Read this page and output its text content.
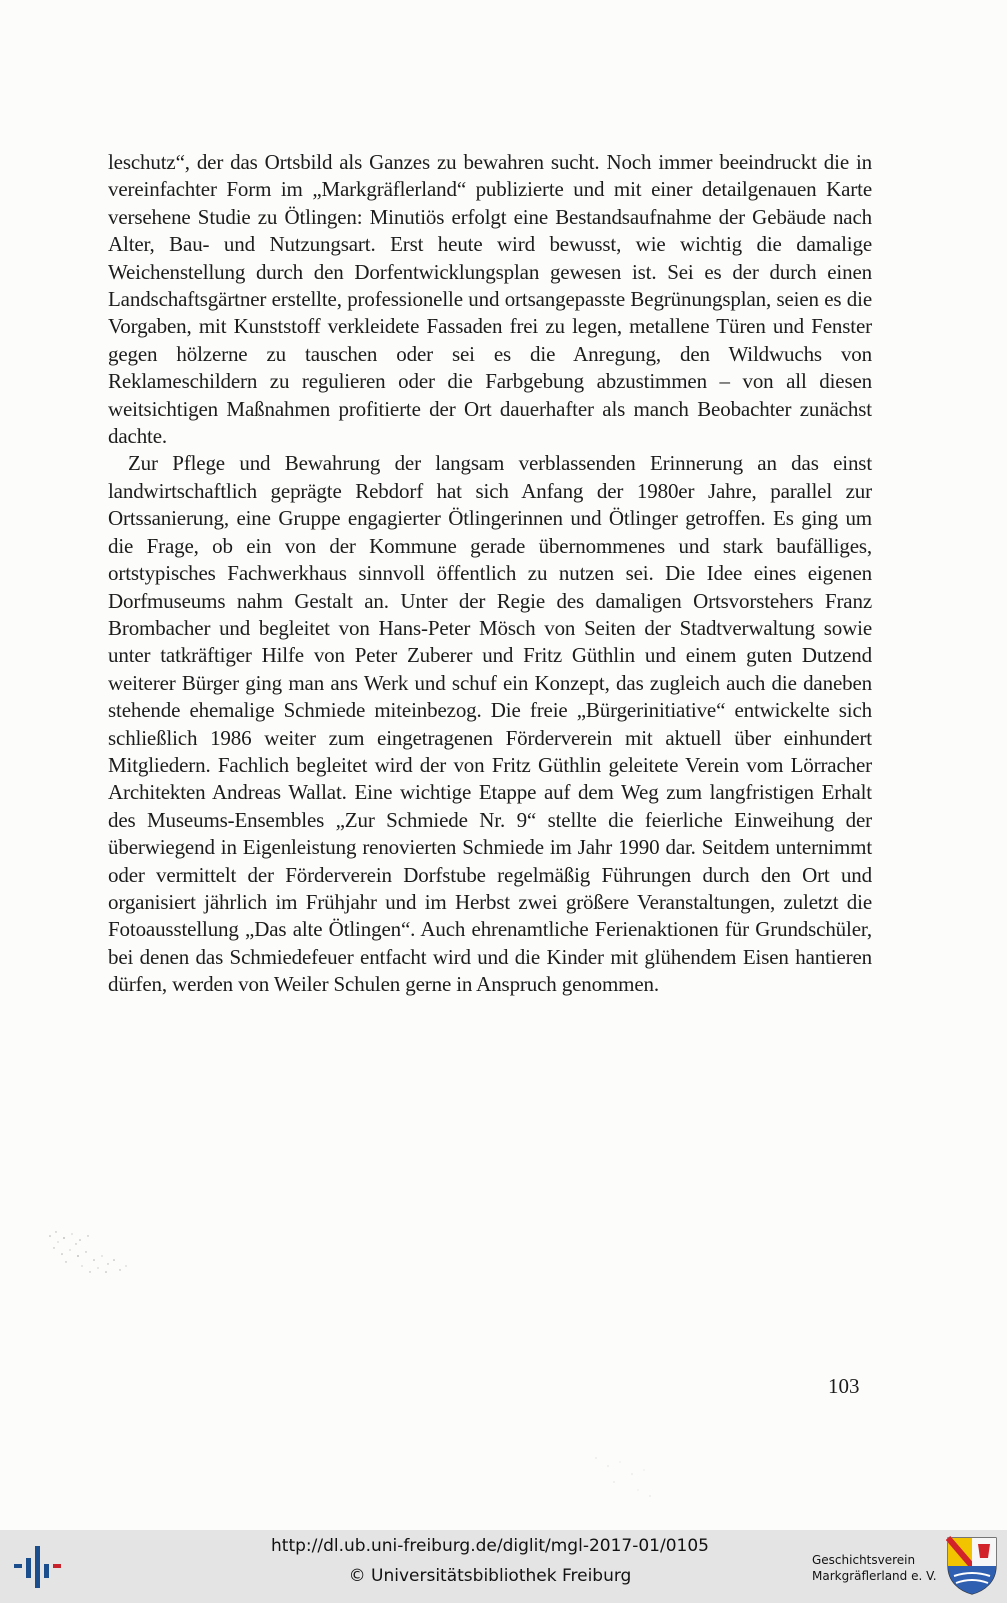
leschutz“, der das Ortsbild als Ganzes zu bewahren sucht. Noch immer beeindruckt die in vereinfachter Form im „Markgräflerland“ publizierte und mit einer detailgenauen Karte versehene Studie zu Ötlingen: Minutiös erfolgt eine Bestandsaufnahme der Gebäude nach Alter, Bau- und Nutzungsart. Erst heute wird bewusst, wie wichtig die damalige Weichenstellung durch den Dorfentwicklungsplan gewesen ist. Sei es der durch einen Landschaftsgärtner erstellte, professionelle und ortsangepasste Begrünungsplan, seien es die Vorgaben, mit Kunststoff verkleidete Fassaden frei zu legen, metallene Türen und Fenster gegen hölzerne zu tauschen oder sei es die Anregung, den Wildwuchs von Reklameschildern zu regulieren oder die Farbgebung abzustimmen – von all diesen weitsichtigen Maßnahmen profitierte der Ort dauerhafter als manch Beobachter zunächst dachte.

Zur Pflege und Bewahrung der langsam verblassenden Erinnerung an das einst landwirtschaftlich geprägte Rebdorf hat sich Anfang der 1980er Jahre, parallel zur Ortssanierung, eine Gruppe engagierter Ötlingerinnen und Ötlinger getroffen. Es ging um die Frage, ob ein von der Kommune gerade übernommenes und stark baufälliges, ortstypisches Fachwerkhaus sinnvoll öffentlich zu nutzen sei. Die Idee eines eigenen Dorfmuseums nahm Gestalt an. Unter der Regie des damaligen Ortsvorstehers Franz Brombacher und begleitet von Hans-Peter Mösch von Seiten der Stadtverwaltung sowie unter tatkräftiger Hilfe von Peter Zuberer und Fritz Güthlin und einem guten Dutzend weiterer Bürger ging man ans Werk und schuf ein Konzept, das zugleich auch die daneben stehende ehemalige Schmiede miteinbezog. Die freie „Bürgerinitiative“ entwickelte sich schließlich 1986 weiter zum eingetragenen Förderverein mit aktuell über einhundert Mitgliedern. Fachlich begleitet wird der von Fritz Güthlin geleitete Verein vom Lörracher Architekten Andreas Wallat. Eine wichtige Etappe auf dem Weg zum langfristigen Erhalt des Museums-Ensembles „Zur Schmiede Nr. 9“ stellte die feierliche Einweihung der überwiegend in Eigenleistung renovierten Schmiede im Jahr 1990 dar. Seitdem unternimmt oder vermittelt der Förderverein Dorfstube regelmäßig Führungen durch den Ort und organisiert jährlich im Frühjahr und im Herbst zwei größere Veranstaltungen, zuletzt die Fotoausstellung „Das alte Ötlingen“. Auch ehrenamtliche Ferienaktionen für Grundschüler, bei denen das Schmiedefeuer entfacht wird und die Kinder mit glühendem Eisen hantieren dürfen, werden von Weiler Schulen gerne in Anspruch genommen.

103
http://dl.ub.uni-freiburg.de/diglit/mgl-2017-01/0105
© Universitätsbibliothek Freiburg
Geschichtsverein
Markgräflerland e. V.
